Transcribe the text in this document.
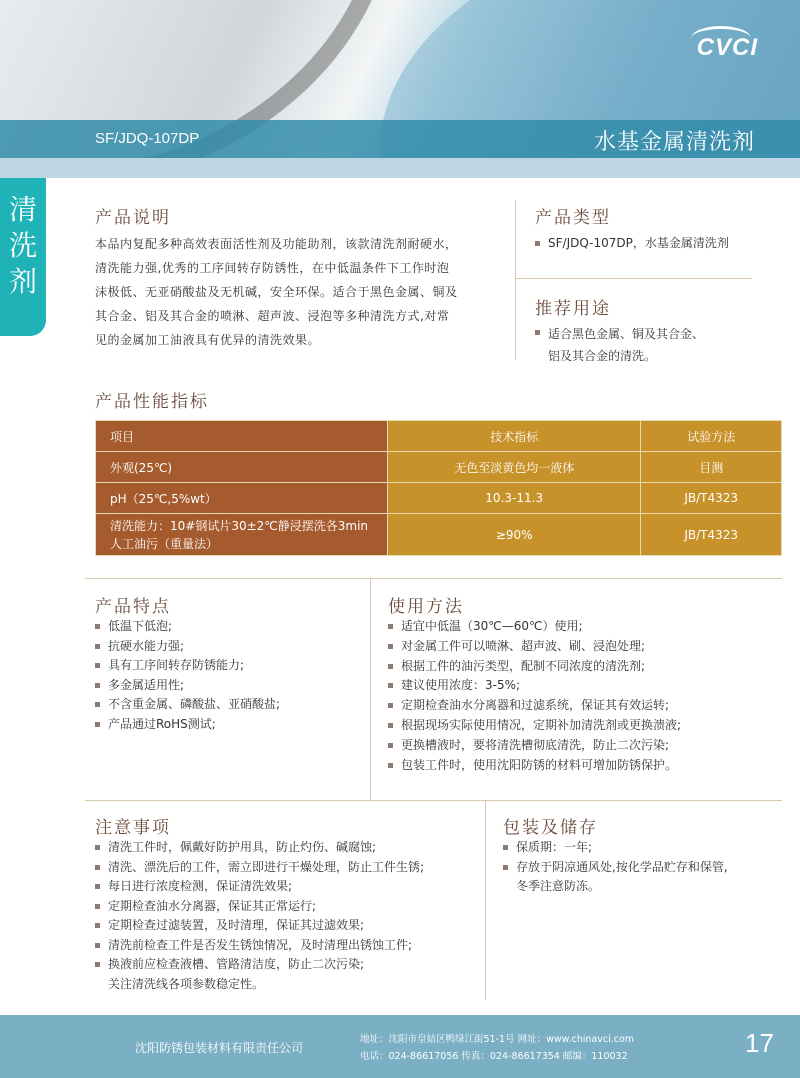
CVCI
SF/JDQ-107DP	水基金属清洗剂
清
洗
剂
产品说明
本品内复配多种高效表面活性剂及功能助剂，该款清洗剂耐硬水，
清洗能力强,优秀的工序间转存防锈性，在中低温条件下工作时泡
沫极低、无亚硝酸盐及无机碱，安全环保。适合于黑色金属、铜及
其合金、铝及其合金的喷淋、超声波、浸泡等多种清洗方式,对常
见的金属加工油液具有优异的清洗效果。
产品类型
SF/JDQ-107DP，水基金属清洗剂
推荐用途
适合黑色金属、铜及其合金、
铝及其合金的清洗。
产品性能指标
项目	技术指标	试验方法
外观(25℃)	无色至淡黄色均一液体	目测
pH（25℃,5%wt）	10.3-11.3	JB/T4323
清洗能力：10#钢试片30±2℃静浸摆洗各3min 人工油污（重量法）	≥90%	JB/T4323
产品特点
低温下低泡;
抗硬水能力强;
具有工序间转存防锈能力;
多金属适用性;
不含重金属、磷酸盐、亚硝酸盐;
产品通过RoHS测试;
使用方法
适宜中低温（30℃—60℃）使用;
对金属工件可以喷淋、超声波、刷、浸泡处理;
根据工件的油污类型，配制不同浓度的清洗剂;
建议使用浓度：3-5%;
定期检查油水分离器和过滤系统，保证其有效运转;
根据现场实际使用情况，定期补加清洗剂或更换溃液;
更换槽液时，要将清洗槽彻底清洗，防止二次污染;
包装工件时，使用沈阳防锈的材料可增加防锈保护。
注意事项
清洗工件时，佩戴好防护用具，防止灼伤、碱腐蚀;
清洗、漂洗后的工件，需立即进行干燥处理，防止工件生锈;
每日进行浓度检测，保证清洗效果;
定期检查油水分离器，保证其正常运行;
定期检查过滤装置，及时清理，保证其过滤效果;
清洗前检查工件是否发生锈蚀情况，及时清理出锈蚀工件;
换液前应检查液槽、管路清洁度，防止二次污染;
关注清洗线各项参数稳定性。
包装及储存
保质期：一年;
存放于阴凉通风处,按化学品贮存和保管,
冬季注意防冻。
沈阳防锈包装材料有限责任公司
地址：沈阳市皇姑区鸭绿江街51-1号 网址：www.chinavci.com
电话：024-86617056 传真：024-86617354 邮编：110032	17
